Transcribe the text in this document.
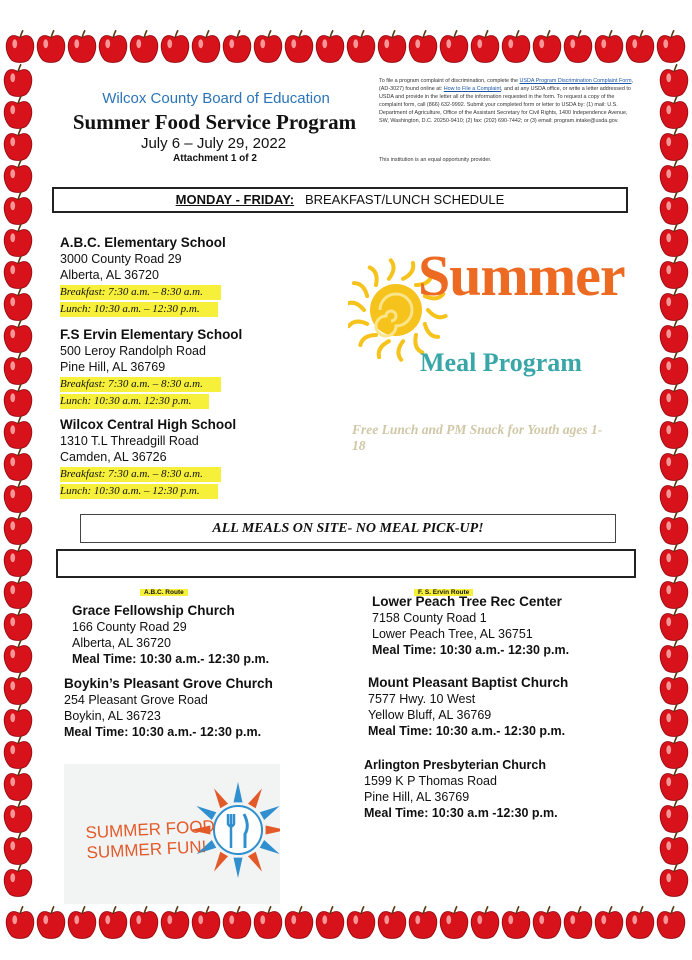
Wilcox County Board of Education
Summer Food Service Program
July 6 – July 29, 2022
Attachment 1 of 2
To file a program complaint of discrimination, complete the USDA Program Discrimination Complaint Form, (AD-3027) found online at: How to File a Complaint, and at any USDA office, or write a letter addressed to USDA and provide in the letter all of the information requested in the form. To request a copy of the complaint form, call (866) 632-9992. Submit your completed form or letter to USDA by: (1) mail: U.S. Department of Agriculture, Office of the Assistant Secretary for Civil Rights, 1400 Independence Avenue, SW, Washington, D.C. 20250-9410; (2) fax: (202) 690-7442; or (3) email: program.intake@usda.gov.
This institution is an equal opportunity provider.
MONDAY - FRIDAY: BREAKFAST/LUNCH SCHEDULE
A.B.C. Elementary School
3000 County Road 29
Alberta, AL 36720
Breakfast: 7:30 a.m. – 8:30 a.m.
Lunch: 10:30 a.m. – 12:30 p.m.
F.S Ervin Elementary School
500 Leroy Randolph Road
Pine Hill, AL 36769
Breakfast: 7:30 a.m. – 8:30 a.m.
Lunch: 10:30 a.m. 12:30 p.m.
Wilcox Central High School
1310 T.L Threadgill Road
Camden, AL 36726
Breakfast: 7:30 a.m. – 8:30 a.m.
Lunch: 10:30 a.m. – 12:30 p.m.
Summer
Meal Program
Free Lunch and PM Snack for Youth ages 1-18
ALL MEALS ON SITE- NO MEAL PICK-UP!
A.B.C. Route	F. S. Ervin Route
Grace Fellowship Church
166 County Road 29
Alberta, AL 36720
Meal Time: 10:30 a.m.- 12:30 p.m.
Boykin’s Pleasant Grove Church
254 Pleasant Grove Road
Boykin, AL 36723
Meal Time: 10:30 a.m.- 12:30 p.m.
Lower Peach Tree Rec Center
7158 County Road 1
Lower Peach Tree, AL 36751
Meal Time: 10:30 a.m.- 12:30 p.m.
Mount Pleasant Baptist Church
7577 Hwy. 10 West
Yellow Bluff, AL 36769
Meal Time: 10:30 a.m.- 12:30 p.m.
Arlington Presbyterian Church
1599 K P Thomas Road
Pine Hill, AL 36769
Meal Time: 10:30 a.m -12:30 p.m.
SUMMER FOOD
SUMMER FUN!
